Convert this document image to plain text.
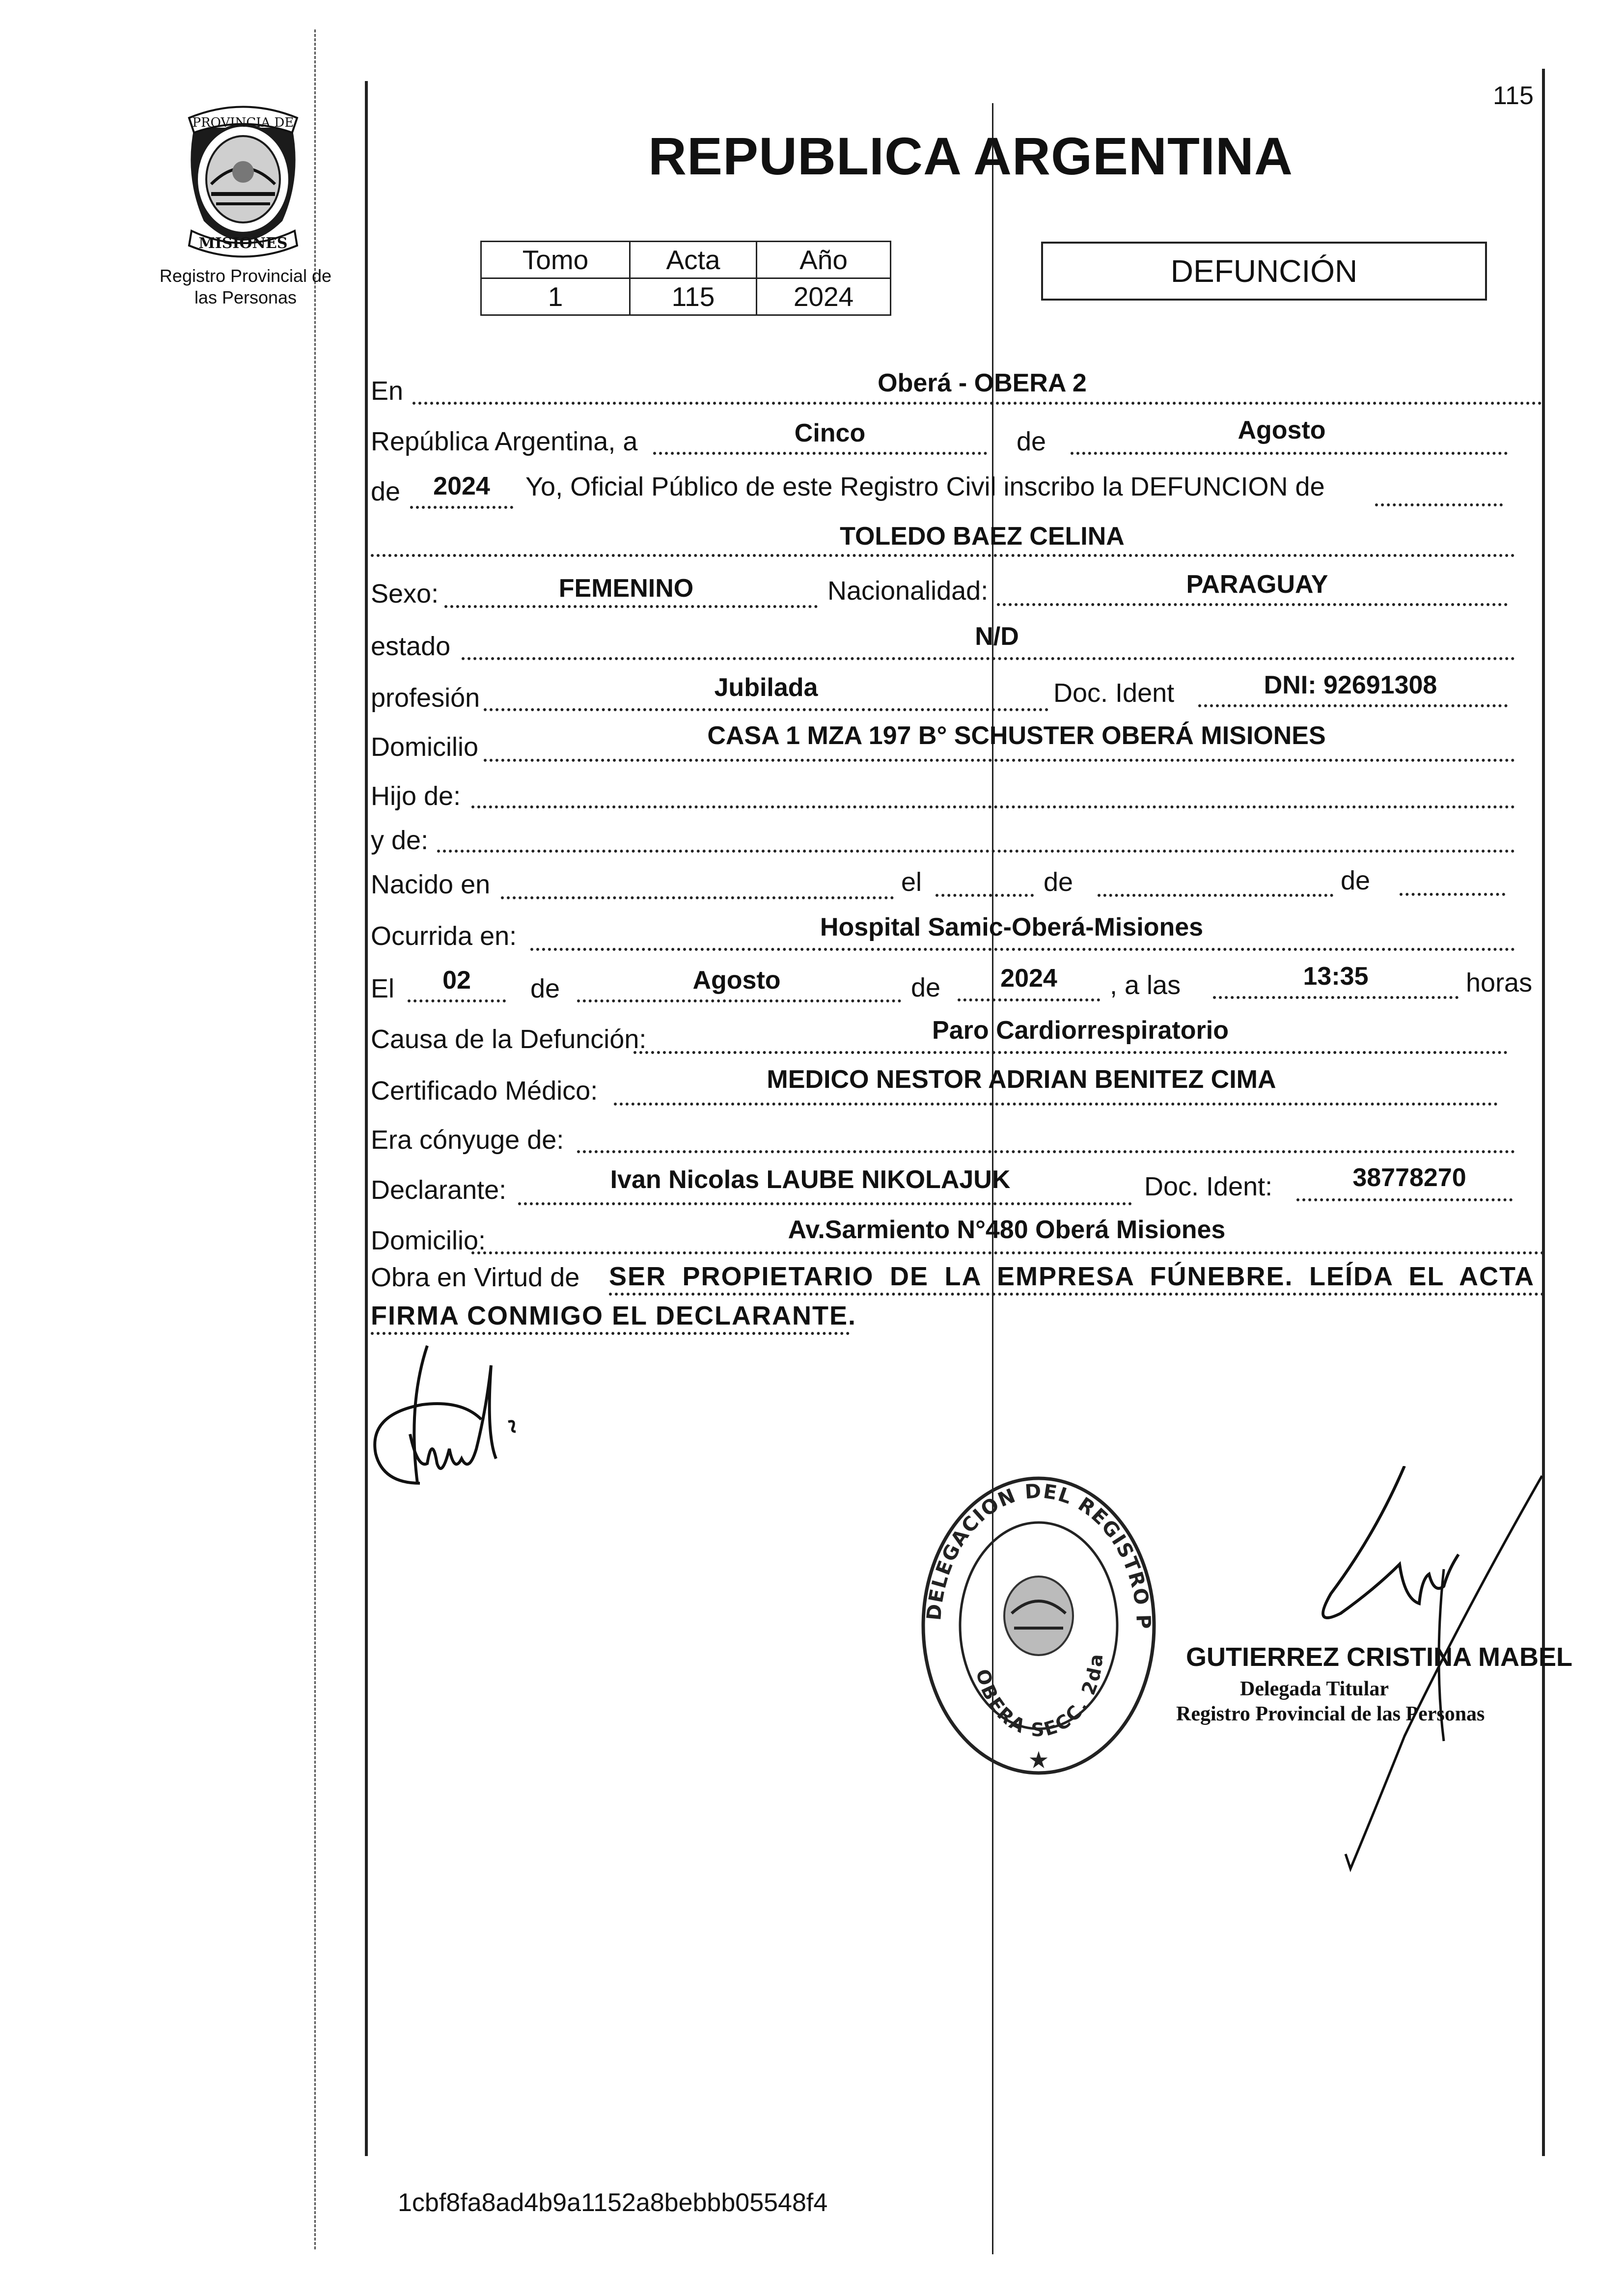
115
PROVINCIA DE
MISIONES
Registro Provincial de
las Personas
REPUBLICA ARGENTINA
Tomo	Acta	Año
1	115	2024
DEFUNCIÓN
En	Oberá - OBERA 2
República Argentina, a	Cinco	de	Agosto
de	2024	Yo, Oficial Público de este Registro Civil inscribo la DEFUNCION de
TOLEDO BAEZ CELINA
Sexo:	FEMENINO	Nacionalidad:	PARAGUAY
estado	N/D
profesión	Jubilada	Doc. Ident	DNI: 92691308
Domicilio	CASA 1 MZA 197 B° SCHUSTER OBERÁ MISIONES
Hijo de:
y de:
Nacido en	el	de	de
Ocurrida en:	Hospital Samic-Oberá-Misiones
El	02	de	Agosto	de	2024	, a las	13:35	horas
Causa de la Defunción:	Paro Cardiorrespiratorio
Certificado Médico:	MEDICO NESTOR ADRIAN BENITEZ CIMA
Era cónyuge de:
Declarante:	Ivan Nicolas LAUBE NIKOLAJUK	Doc. Ident:	38778270
Domicilio:	Av.Sarmiento N°480 Oberá Misiones
Obra en Virtud de SER PROPIETARIO DE LA EMPRESA FÚNEBRE. LEÍDA EL ACTA
FIRMA CONMIGO EL DECLARANTE.
DELEGACION DEL REGISTRO P
OBERA SECC. 2da
★
GUTIERREZ CRISTINA MABEL
Delegada Titular
Registro Provincial de las Personas
1cbf8fa8ad4b9a1152a8bebbb05548f4
